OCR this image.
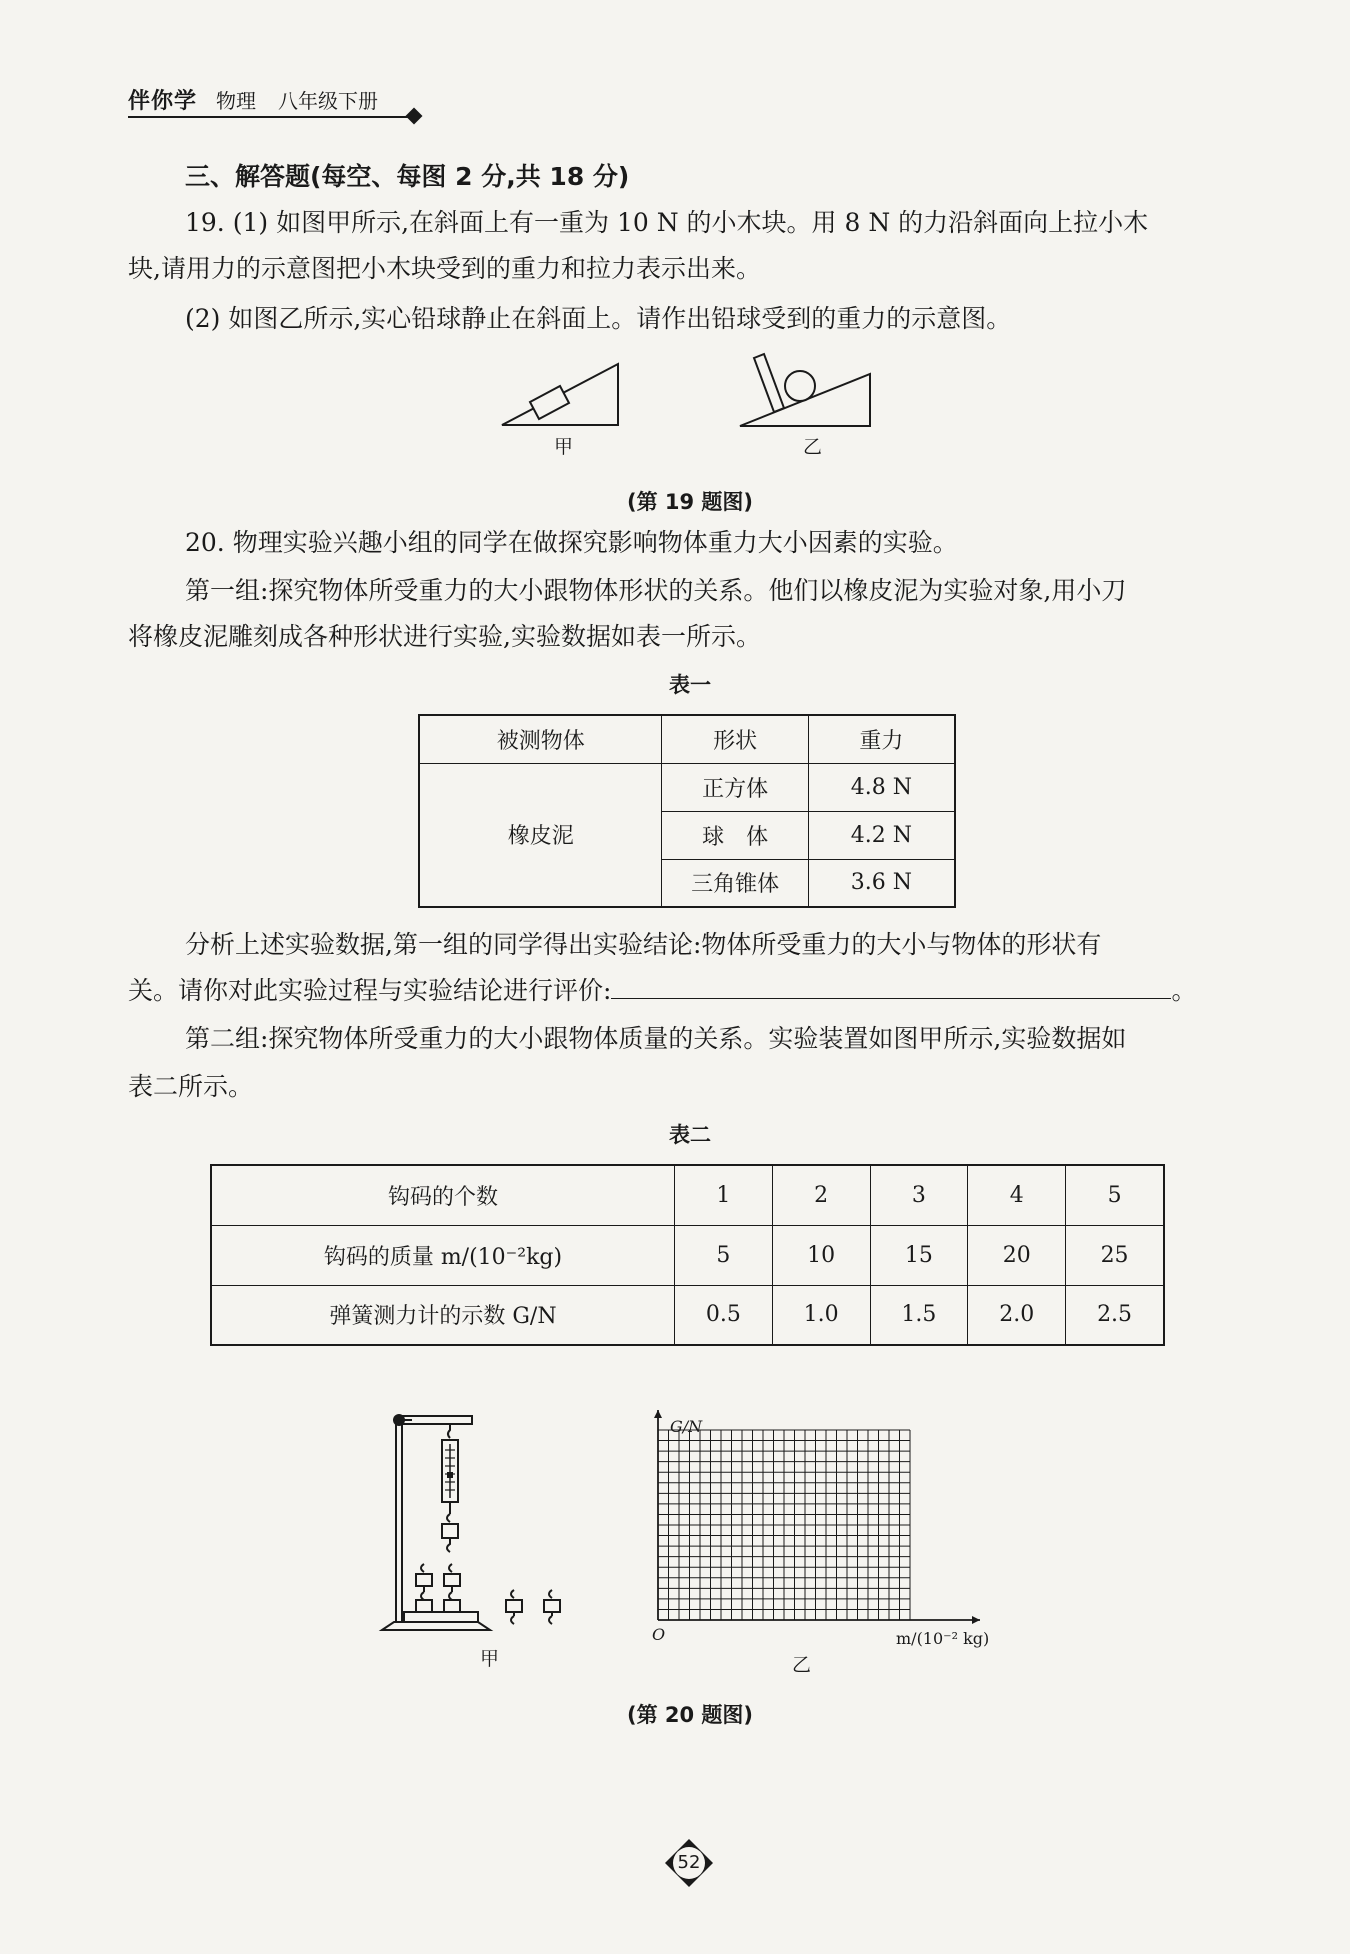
伴你学 物理 八年级下册
三、解答题(每空、每图 2 分,共 18 分)
19. (1) 如图甲所示,在斜面上有一重为 10 N 的小木块。用 8 N 的力沿斜面向上拉小木
块,请用力的示意图把小木块受到的重力和拉力表示出来。
(2) 如图乙所示,实心铅球静止在斜面上。请作出铅球受到的重力的示意图。
甲	乙
(第 19 题图)
20. 物理实验兴趣小组的同学在做探究影响物体重力大小因素的实验。
第一组:探究物体所受重力的大小跟物体形状的关系。他们以橡皮泥为实验对象,用小刀
将橡皮泥雕刻成各种形状进行实验,实验数据如表一所示。
表一
被测物体	形状	重力
橡皮泥	正方体	4.8 N
	球　体	4.2 N
	三角锥体	3.6 N
分析上述实验数据,第一组的同学得出实验结论:物体所受重力的大小与物体的形状有
关。请你对此实验过程与实验结论进行评价:	。
第二组:探究物体所受重力的大小跟物体质量的关系。实验装置如图甲所示,实验数据如
表二所示。
表二
钩码的个数	1	2	3	4	5
钩码的质量 m/(10⁻²kg)	5	10	15	20	25
弹簧测力计的示数 G/N	0.5	1.0	1.5	2.0	2.5
甲
G/N
O	m/(10⁻² kg)
乙
(第 20 题图)
52
